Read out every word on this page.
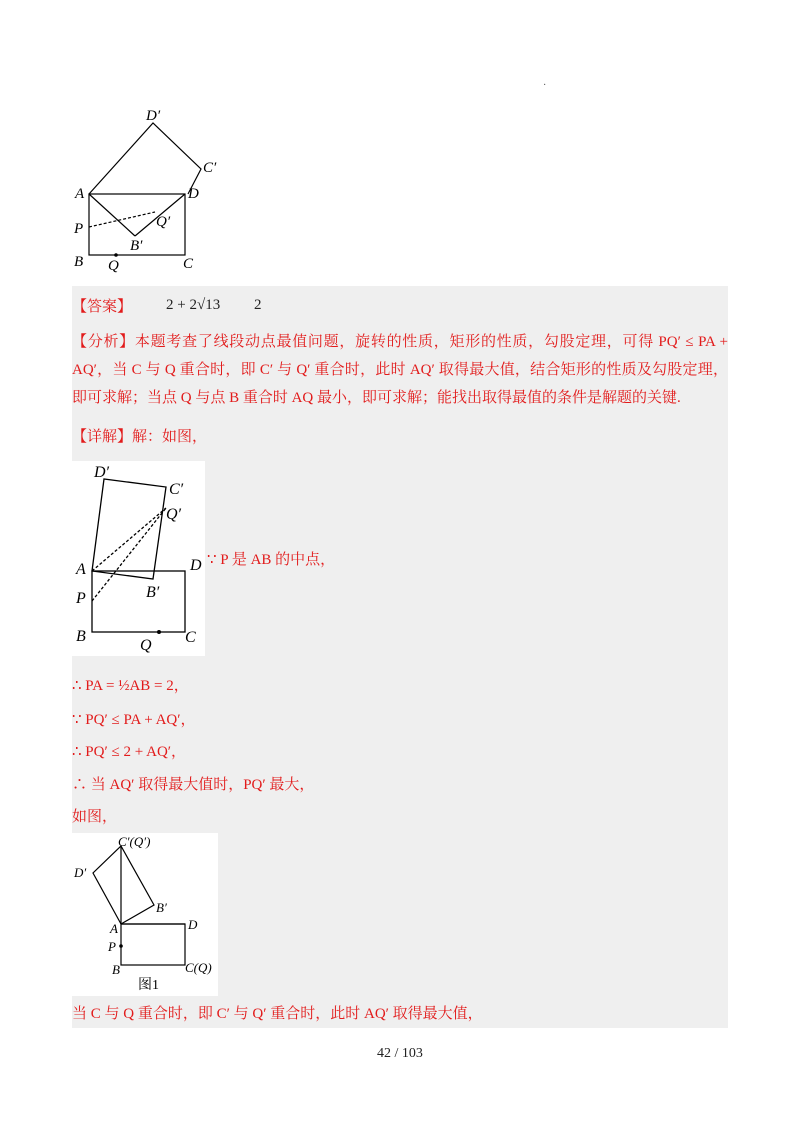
·
D′
C′
A	D
Q′
P
B′
B Q	C
【答案】 2 + 2√13 2
【分析】本题考查了线段动点最值问题，旋转的性质，矩形的性质，勾股定理，可得 PQ′ ≤ PA + AQ′，当 C 与 Q 重合时，即 C′ 与 Q′ 重合时，此时 AQ′ 取得最大值，结合矩形的性质及勾股定理，即可求解；当点 Q 与点 B 重合时 AQ 最小，即可求解；能找出取得最值的条件是解题的关键.
【详解】解：如图，
D′
C′
Q′
A	D
B′
P
B
Q C
∵ P 是 AB 的中点，
∴ PA = ½AB = 2，
∵ PQ′ ≤ PA + AQ′，
∴ PQ′ ≤ 2 + AQ′，
∴ 当 AQ′ 取得最大值时，PQ′ 最大，
如图，
C′(Q′)
D′
B′
A	D
P
B	C(Q)
图1
当 C 与 Q 重合时，即 C′ 与 Q′ 重合时，此时 AQ′ 取得最大值，
42 / 103
